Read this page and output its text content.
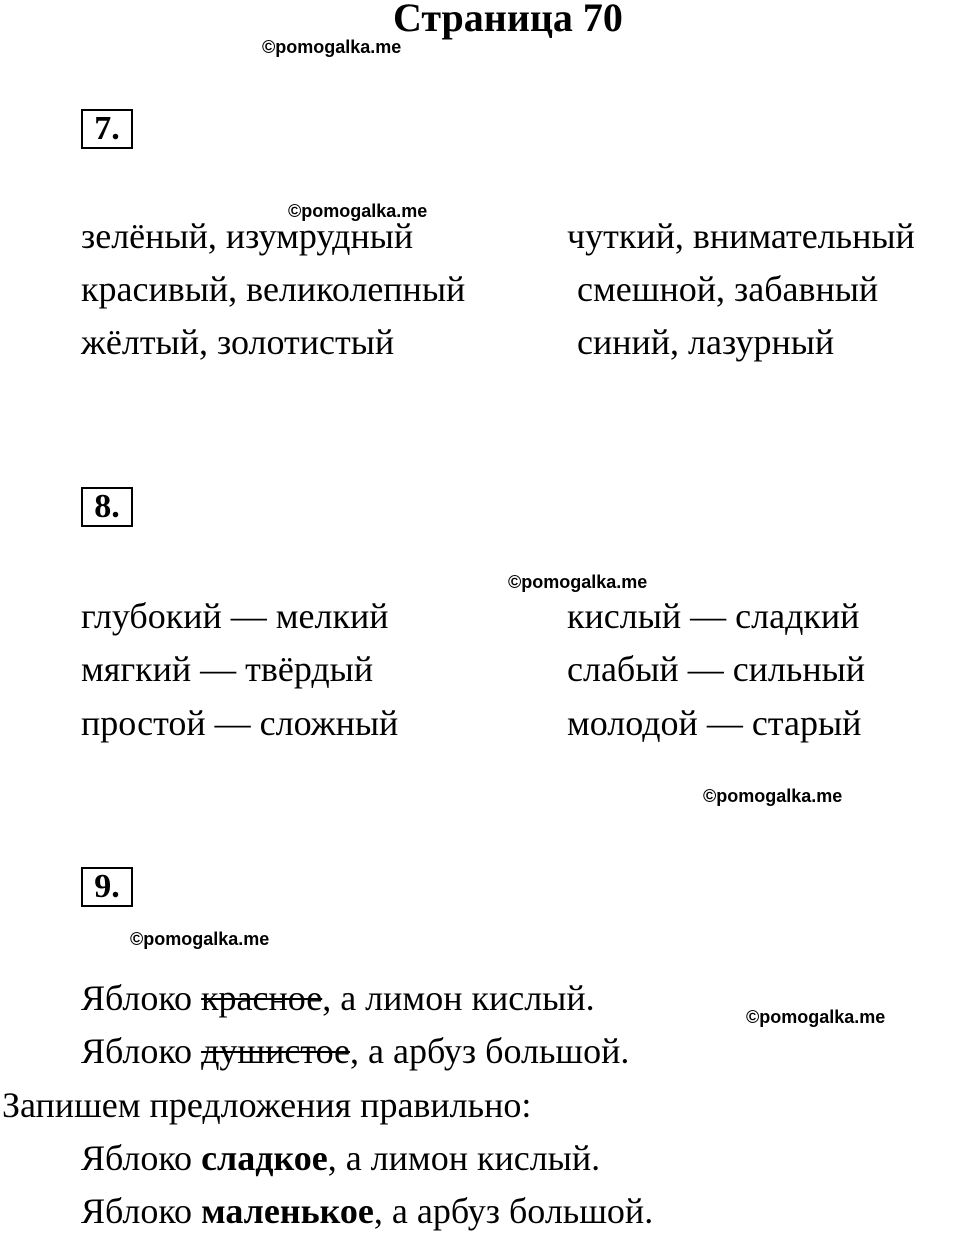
Страница 70
©pomogalka.me
7.
©pomogalka.me
зелёный, изумрудный
красивый, великолепный
жёлтый, золотистый
чуткий, внимательный
смешной, забавный
синий, лазурный
8.
©pomogalka.me
глубокий — мелкий
мягкий — твёрдый
простой — сложный
кислый — сладкий
слабый — сильный
молодой — старый
©pomogalka.me
9.
©pomogalka.me
Яблоко красное, а лимон кислый.	©pomogalka.me
Яблоко душистое, а арбуз большой.
Запишем предложения правильно:
Яблоко сладкое, а лимон кислый.
Яблоко маленькое, а арбуз большой.
